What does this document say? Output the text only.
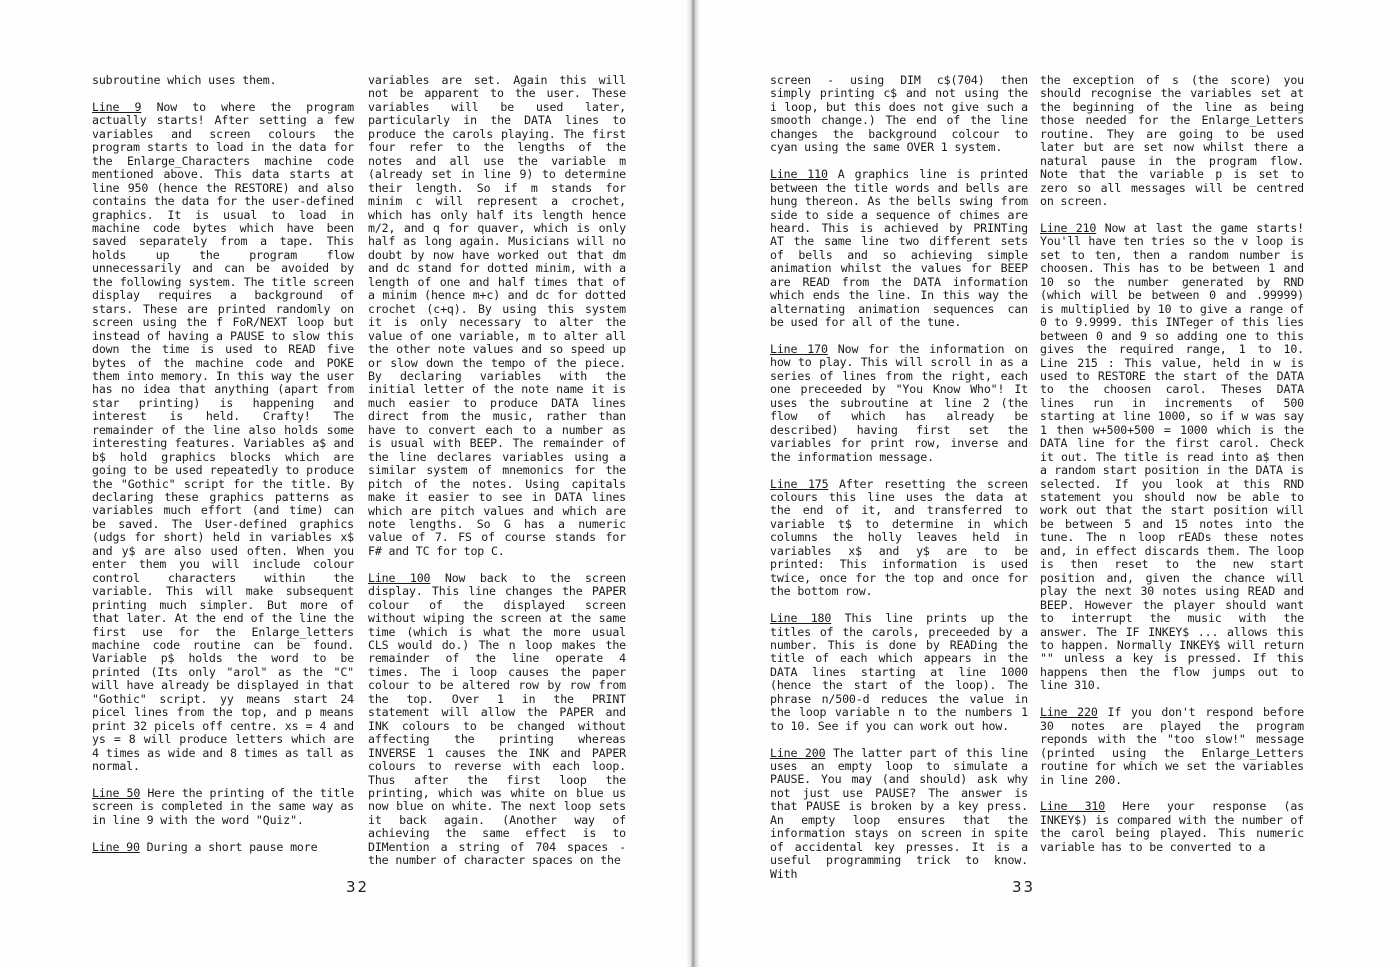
subroutine which uses them.

Line 9 Now to where the program actually starts! After setting a few variables and screen colours the program starts to load in the data for the Enlarge_Characters machine code mentioned above. This data starts at line 950 (hence the RESTORE) and also contains the data for the user-defined graphics. It is usual to load in machine code bytes which have been saved separately from a tape. This holds up the program flow unnecessarily and can be avoided by the following system. The title screen display requires a background of stars. These are printed randomly on screen using the f FoR/NEXT loop but instead of having a PAUSE to slow this down the time is used to READ five bytes of the machine code and POKE them into memory. In this way the user has no idea that anything (apart from star printing) is happening and interest is held. Crafty! The remainder of the line also holds some interesting features. Variables a$ and b$ hold graphics blocks which are going to be used repeatedly to produce the "Gothic" script for the title. By declaring these graphics patterns as variables much effort (and time) can be saved. The User-defined graphics (udgs for short) held in variables x$ and y$ are also used often. When you enter them you will include colour control characters within the variable. This will make subsequent printing much simpler. But more of that later. At the end of the line the first use for the Enlarge_letters machine code routine can be found. Variable p$ holds the word to be printed (Its only "arol" as the "C" will have already be displayed in that "Gothic" script. yy means start 24 picel lines from the top, and p means print 32 picels off centre. xs = 4 and ys = 8 will produce letters which are 4 times as wide and 8 times as tall as normal.

Line 50 Here the printing of the title screen is completed in the same way as in line 9 with the word "Quiz".

Line 90 During a short pause more

variables are set. Again this will not be apparent to the user. These variables will be used later, particularly in the DATA lines to produce the carols playing. The first four refer to the lengths of the notes and all use the variable m (already set in line 9) to determine their length. So if m stands for minim c will represent a crochet, which has only half its length hence m/2, and q for quaver, which is only half as long again. Musicians will no doubt by now have worked out that dm and dc stand for dotted minim, with a length of one and half times that of a minim (hence m+c) and dc for dotted crochet (c+q). By using this system it is only necessary to alter the value of one variable, m to alter all the other note values and so speed up or slow down the tempo of the piece. By declaring variables with the initial letter of the note name it is much easier to produce DATA lines direct from the music, rather than have to convert each to a number as is usual with BEEP. The remainder of the line declares variables using a similar system of mnemonics for the pitch of the notes. Using capitals make it easier to see in DATA lines which are pitch values and which are note lengths. So G has a numeric value of 7. FS of course stands for F# and TC for top C.

Line 100 Now back to the screen display. This line changes the PAPER colour of the displayed screen without wiping the screen at the same time (which is what the more usual CLS would do.) The n loop makes the remainder of the line operate 4 times. The i loop causes the paper colour to be altered row by row from the top. Over 1 in the PRINT statement will allow the PAPER and INK colours to be changed without affecting the printing whereas INVERSE 1 causes the INK and PAPER colours to reverse with each loop. Thus after the first loop the printing, which was white on blue us now blue on white. The next loop sets it back again. (Another way of achieving the same effect is to DIMention a string of 704 spaces - the number of character spaces on the

32

screen - using DIM c$(704) then simply printing c$ and not using the i loop, but this does not give such a smooth change.) The end of the line changes the background colcour to cyan using the same OVER 1 system.

Line 110 A graphics line is printed between the title words and bells are hung thereon. As the bells swing from side to side a sequence of chimes are heard. This is achieved by PRINTing AT the same line two different sets of bells and so achieving simple animation whilst the values for BEEP are READ from the DATA information which ends the line. In this way the alternating animation sequences can be used for all of the tune.

Line 170 Now for the information on how to play. This will scroll in as a series of lines from the right, each one preceeded by "You Know Who"! It uses the subroutine at line 2 (the flow of which has already be described) having first set the variables for print row, inverse and the information message.

Line 175 After resetting the screen colours this line uses the data at the end of it, and transferred to variable t$ to determine in which columns the holly leaves held in variables x$ and y$ are to be printed: This information is used twice, once for the top and once for the bottom row.

Line 180 This line prints up the titles of the carols, preceeded by a number. This is done by READing the title of each which appears in the DATA lines starting at line 1000 (hence the start of the loop). The phrase n/500-d reduces the value in the loop variable n to the numbers 1 to 10. See if you can work out how.

Line 200 The latter part of this line uses an empty loop to simulate a PAUSE. You may (and should) ask why not just use PAUSE? The answer is that PAUSE is broken by a key press. An empty loop ensures that the information stays on screen in spite of accidental key presses. It is a useful programming trick to know. With

the exception of s (the score) you should recognise the variables set at the beginning of the line as being those needed for the Enlarge_Letters routine. They are going to be used later but are set now whilst there a natural pause in the program flow. Note that the variable p is set to zero so all messages will be centred on screen.

Line 210 Now at last the game starts! You'll have ten tries so the v loop is set to ten, then a random number is choosen. This has to be between 1 and 10 so the number generated by RND (which will be between 0 and .99999) is multiplied by 10 to give a range of 0 to 9.9999. this INTeger of this lies between 0 and 9 so adding one to this gives the required range, 1 to 10. Line 215 : This value, held in w is used to RESTORE the start of the DATA to the choosen carol. Theses DATA lines run in increments of 500 starting at line 1000, so if w was say 1 then w+500+500 = 1000 which is the DATA line for the first carol. Check it out. The title is read into a$ then a random start position in the DATA is selected. If you look at this RND statement you should now be able to work out that the start position will be between 5 and 15 notes into the tune. The n loop rEADs these notes and, in effect discards them. The loop is then reset to the new start position and, given the chance will play the next 30 notes using READ and BEEP. However the player should want to interrupt the music with the answer. The IF INKEY$ ... allows this to happen. Normally INKEY$ will return "" unless a key is pressed. If this happens then the flow jumps out to line 310.

Line 220 If you don't respond before 30 notes are played the program reponds with the "too slow!" message (printed using the Enlarge_Letters routine for which we set the variables in line 200.

Line 310 Here your response (as INKEY$) is compared with the number of the carol being played. This numeric variable has to be converted to a

33
